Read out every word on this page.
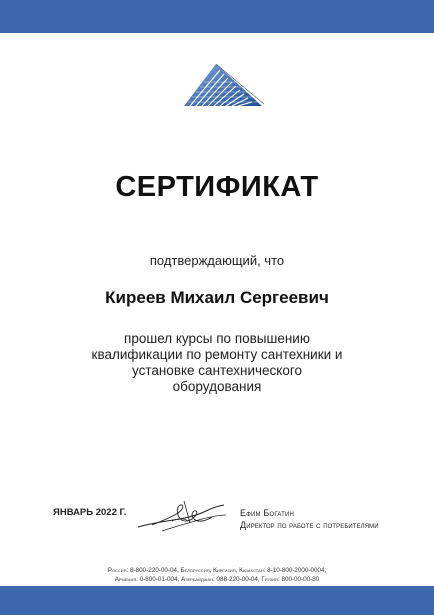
СЕРТИФИКАТ
подтверждающий, что
Киреев Михаил Сергеевич
прошел курсы по повышению
квалификации по ремонту сантехники и
установке сантехнического
оборудования
ЯНВАРЬ 2022 Г.	Ефим Богатин
Директор по работе с потребителями
Россия: 8-800-220-00-04, Белоруссия, Киргизия, Казахстан: 8-10-800-2000-0004,
Армения: 0-800-01-004, Азербайджан: 088-220-00-04, Грузия: 800-00-00-80
